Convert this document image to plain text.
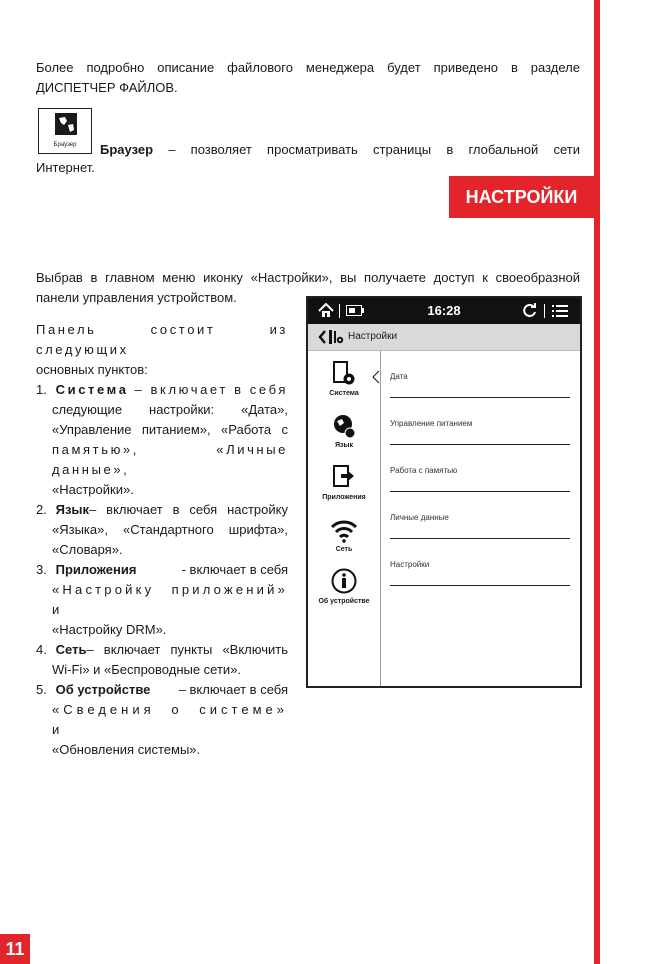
Более подробно описание файлового менеджера будет приведено в разделе
ДИСПЕТЧЕР ФАЙЛОВ.

Браузер	Браузер – позволяет просматривать страницы в глобальной сети
Интернет.
НАСТРОЙКИ

Выбрав в главном меню иконку «Настройки», вы получаете доступ к своеобразной
панели управления устройством.

Панель состоит из следующих

основных пунктов:

1.
Система – включает в себя
следующие настройки: «Дата»,
«Управление питанием», «Работа с
памятью», «Личные данные»,
«Настройки».
2.
Язык – включает в себя настройку
«Языка», «Стандартного шрифта»,
«Словаря».
3.
Приложения	- включает в себя
«Настройку приложений» и
«Настройку DRM».
4.
Сеть – включает пункты «Включить
Wi-Fi» и «Беспроводные сети».
5.
Об устройстве	– включает в себя
«Сведения о системе» и
«Обновления системы».
16:28
Настройки
Система
Язык
Приложения
Сеть
Об устройстве
Дата
Управление питанием
Работа с памятью
Личные данные
Настройки
11
